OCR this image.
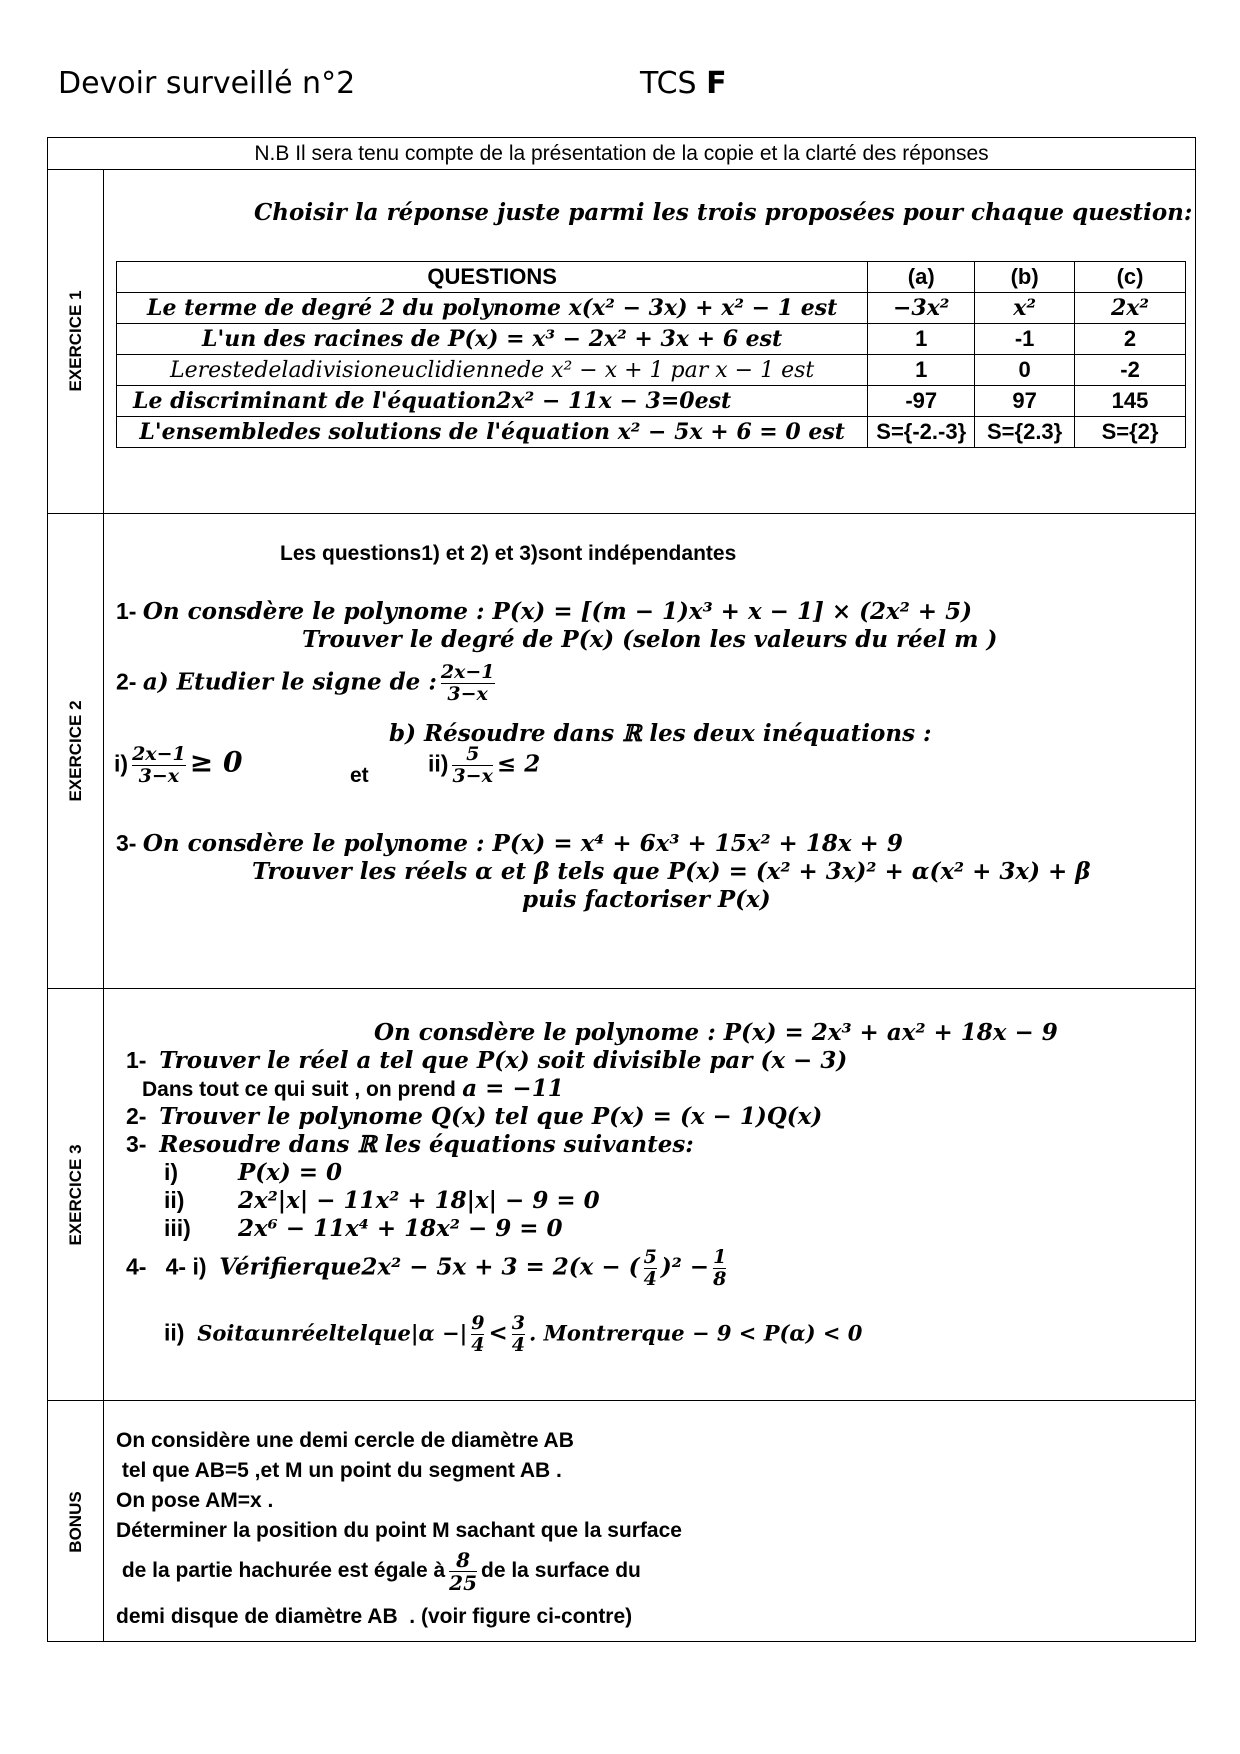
Devoir surveillé n°2	TCS F
N.B Il sera tenu compte de la présentation de la copie et la clarté des réponses
EXERCICE 1
Choisir la réponse juste parmi les trois proposées pour chaque question:
QUESTIONS	(a)	(b)	(c)
Le terme de degré 2 du polynome x(x² − 3x) + x² − 1 est	−3x²	x²	2x²
L'un des racines de P(x) = x³ − 2x² + 3x + 6 est	1	-1	2
Lerestedeladivisioneuclidiennede x² − x + 1 par x − 1 est	1	0	-2
Le discriminant de l'équation2x² − 11x − 3=0est	-97	97	145
L'ensembledes solutions de l'équation x² − 5x + 6 = 0 est	S={-2.-3}	S={2.3}	S={2}
EXERCICE 2
Les questions1) et 2) et 3)sont indépendantes
1- On consdère le polynome : P(x) = [(m − 1)x³ + x − 1] × (2x² + 5)
Trouver le degré de P(x) (selon les valeurs du réel m )
2- a) Etudier le signe de : $\frac{2x-1}{3-x}$
b) Résoudre dans ℝ les deux inéquations :
$i) \frac{2x-1}{3-x} \ge 0$	et	$ii) \frac{5}{3-x} \le 2$
3- On consdère le polynome : P(x) = x⁴ + 6x³ + 15x² + 18x + 9
Trouver les réels α et β tels que P(x) = (x² + 3x)² + α(x² + 3x) + β
puis factoriser P(x)
EXERCICE 3
On consdère le polynome : P(x) = 2x³ + ax² + 18x − 9
1- Trouver le réel a tel que P(x) soit divisible par (x − 3)
Dans tout ce qui suit , on prend a = −11
2- Trouver le polynome Q(x) tel que P(x) = (x − 1)Q(x)
3- Resoudre dans ℝ les équations suivantes:
i)	P(x) = 0
ii) 2x²|x| − 11x² + 18|x| − 9 = 0
iii) 2x⁶ − 11x⁴ + 18x² − 9 = 0
4- 4- i) Vérifierque2x² − 5x + 3 = 2(x − ( $\frac{5}{4} )^2 - \frac{1}{8}$
ii) Soitαunréeltelque|α −| $\frac{9}{4} < \frac{3}{4}$ . Montrerque − 9 < P(α) < 0
BONUS
On considère une demi cercle de diamètre AB
tel que AB=5 ,et M un point du segment AB .
On pose AM=x .
Déterminer la position du point M sachant que la surface
de la partie hachurée est égale à $\frac{8}{25}$ de la surface du
demi disque de diamètre AB  . (voir figure ci-contre)
